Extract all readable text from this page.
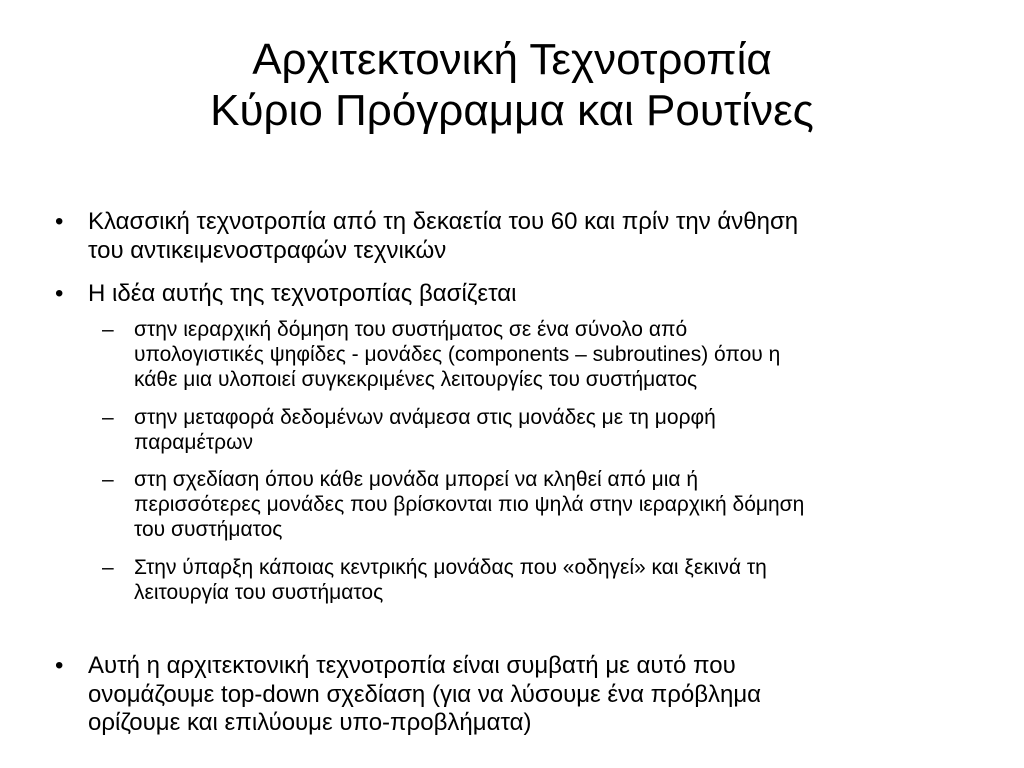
Αρχιτεκτονική Τεχνοτροπία
Κύριο Πρόγραμμα και Ρουτίνες
• Κλασσική τεχνοτροπία από τη δεκαετία του 60 και πρίν την άνθηση
του αντικειμενοστραφών τεχνικών
• Η ιδέα αυτής της τεχνοτροπίας βασίζεται
– στην ιεραρχική δόμηση του συστήματος σε ένα σύνολο από
υπολογιστικές ψηφίδες - μονάδες (components – subroutines) όπου η
κάθε μια υλοποιεί συγκεκριμένες λειτουργίες του συστήματος
– στην μεταφορά δεδομένων ανάμεσα στις μονάδες με τη μορφή
παραμέτρων
– στη σχεδίαση όπου κάθε μονάδα μπορεί να κληθεί από μια ή
περισσότερες μονάδες που βρίσκονται πιο ψηλά στην ιεραρχική δόμηση
του συστήματος
– Στην ύπαρξη κάποιας κεντρικής μονάδας που «οδηγεί» και ξεκινά τη
λειτουργία του συστήματος
• Αυτή η αρχιτεκτονική τεχνοτροπία είναι συμβατή με αυτό που
ονομάζουμε top-down σχεδίαση (για να λύσουμε ένα πρόβλημα
ορίζουμε και επιλύουμε υπο-προβλήματα)
